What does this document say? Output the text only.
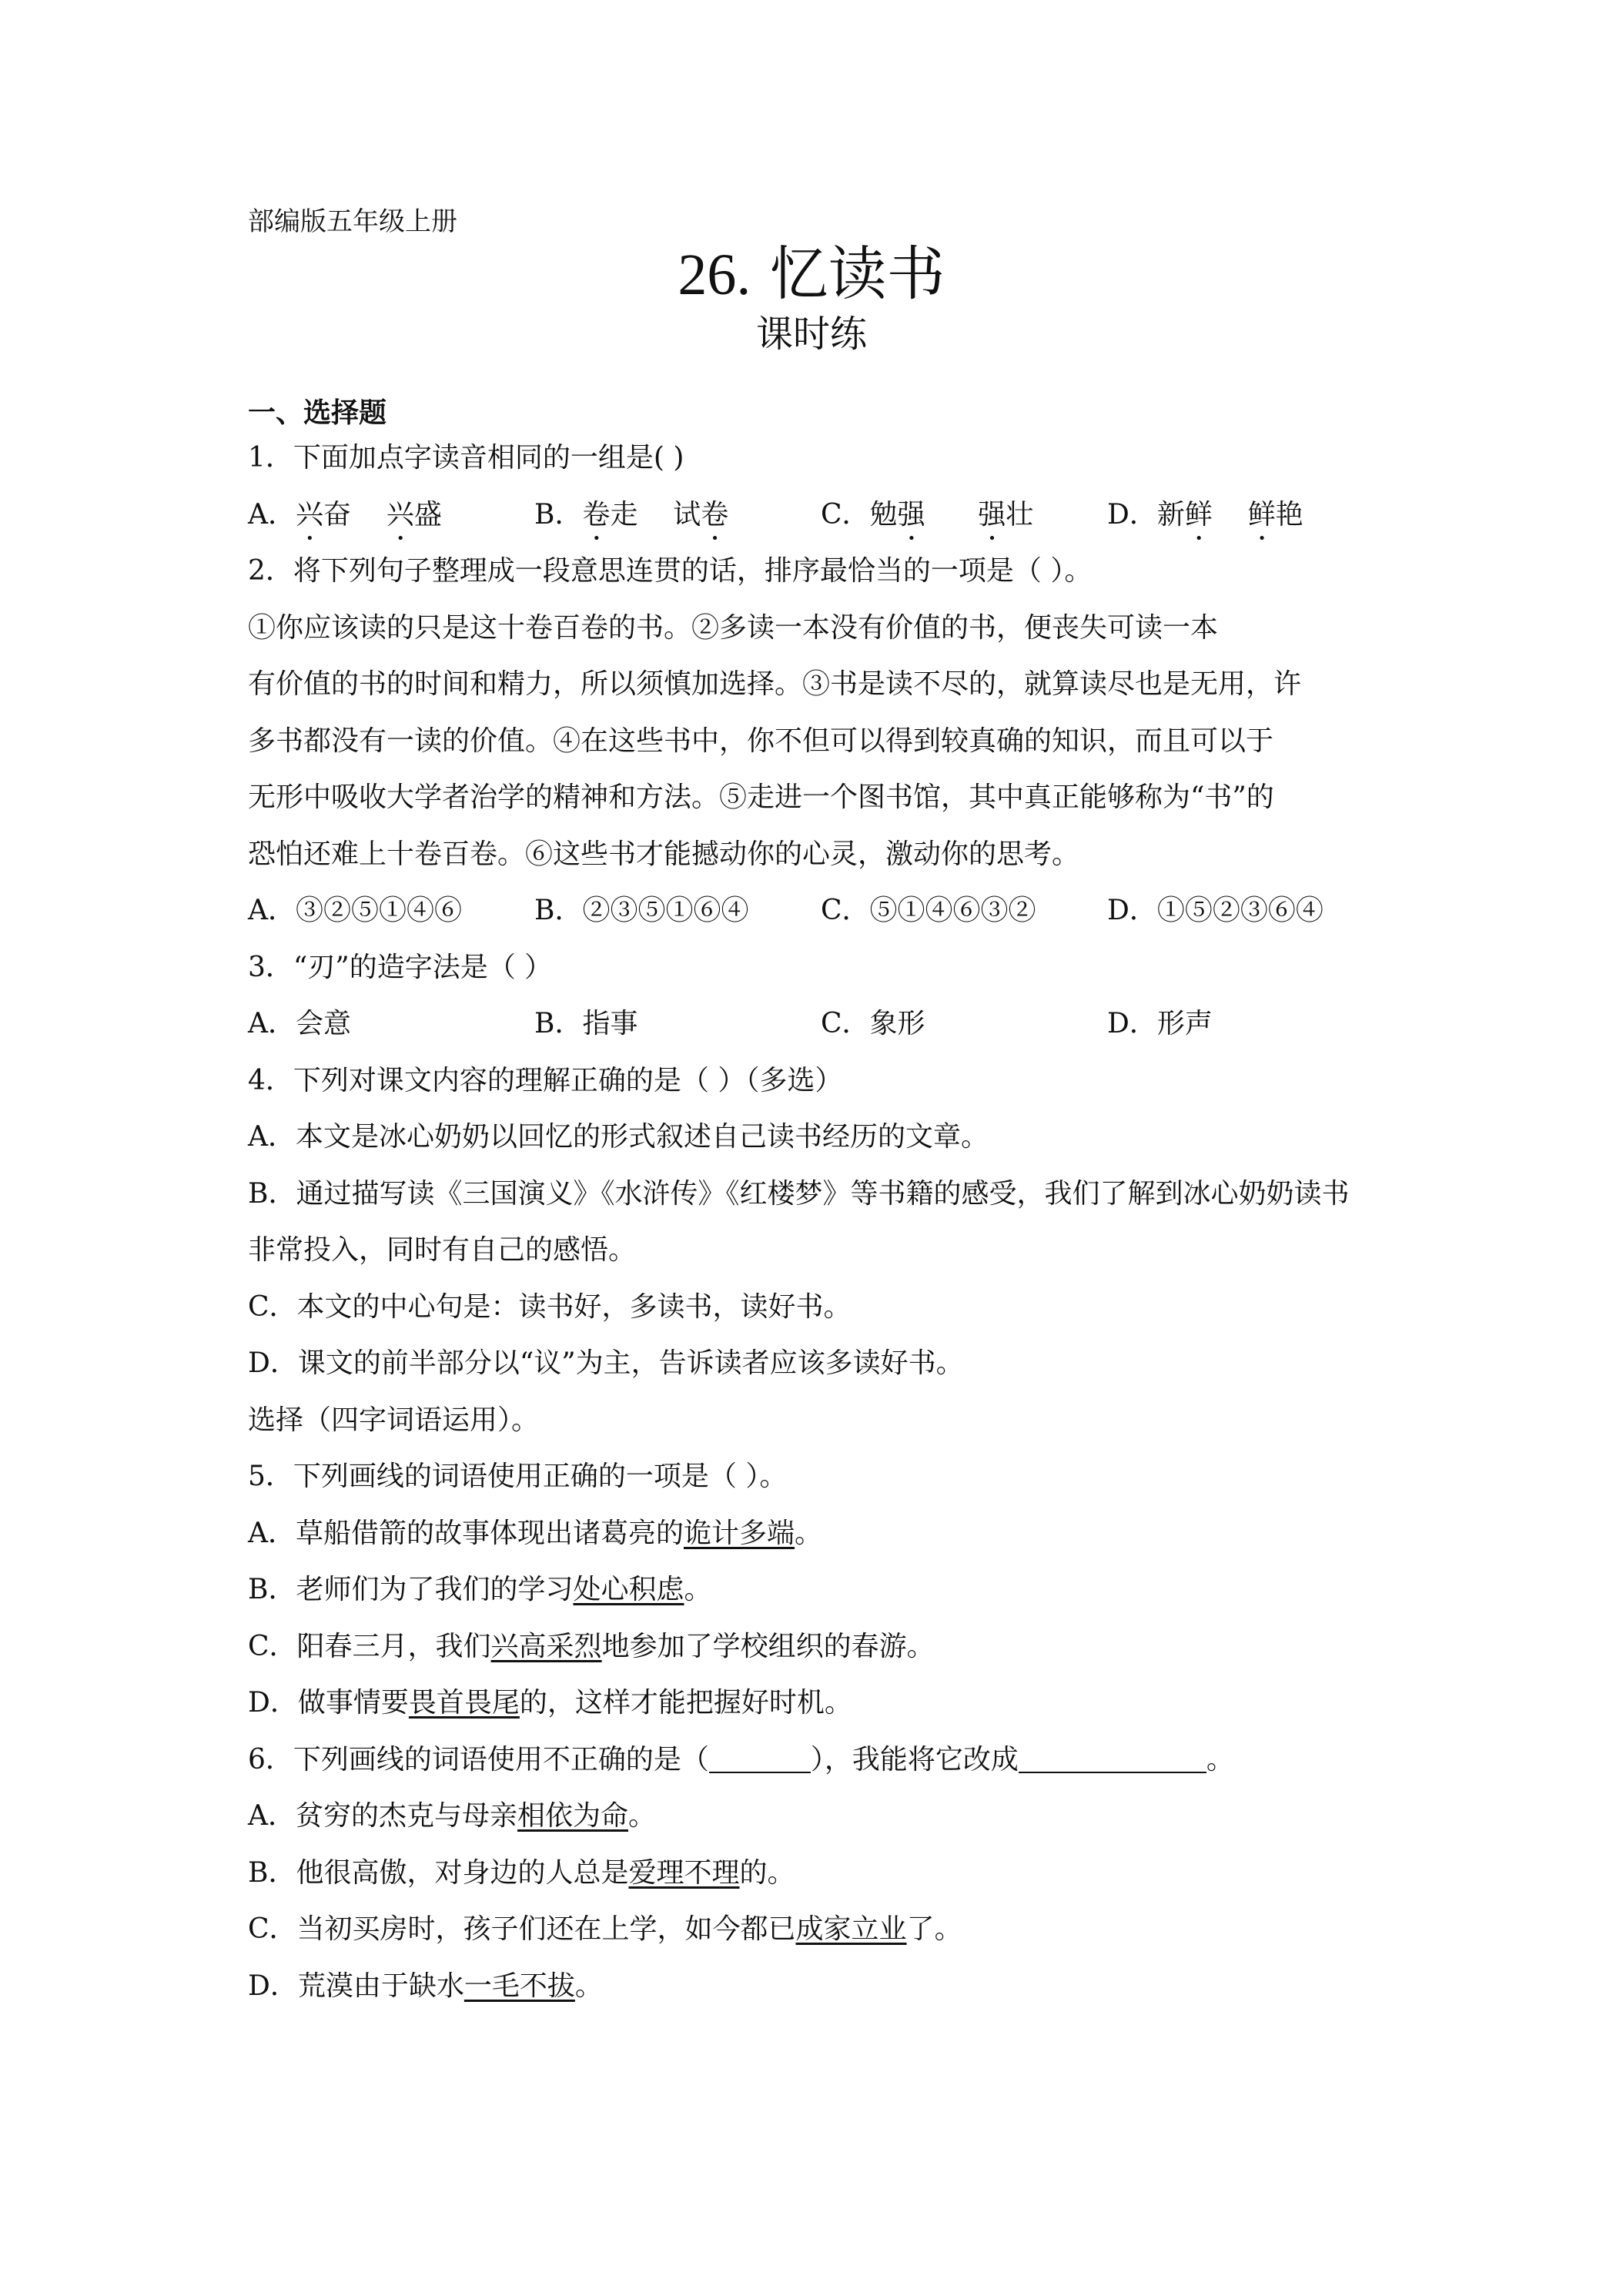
部编版五年级上册
26. 忆读书
课时练
一、选择题
1．下面加点字读音相同的一组是( )
A．兴奋 兴盛	B．卷走 试卷	C．勉强 强壮	D．新鲜 鲜艳
2．将下列句子整理成一段意思连贯的话，排序最恰当的一项是（ ）。
①你应该读的只是这十卷百卷的书。②多读一本没有价值的书，便丧失可读一本
有价值的书的时间和精力，所以须慎加选择。③书是读不尽的，就算读尽也是无用，许
多书都没有一读的价值。④在这些书中，你不但可以得到较真确的知识，而且可以于
无形中吸收大学者治学的精神和方法。⑤走进一个图书馆，其中真正能够称为“书”的
恐怕还难上十卷百卷。⑥这些书才能撼动你的心灵，激动你的思考。
A．③②⑤①④⑥	B．②③⑤①⑥④	C．⑤①④⑥③②	D．①⑤②③⑥④
3．“刃”的造字法是（ ）
A．会意	B．指事	C．象形	D．形声
4．下列对课文内容的理解正确的是（ ）（多选）
A．本文是冰心奶奶以回忆的形式叙述自己读书经历的文章。
B．通过描写读《三国演义》《水浒传》《红楼梦》等书籍的感受，我们了解到冰心奶奶读书
非常投入，同时有自己的感悟。
C．本文的中心句是：读书好，多读书，读好书。
D．课文的前半部分以“议”为主，告诉读者应该多读好书。
选择（四字词语运用）。
5．下列画线的词语使用正确的一项是（ ）。
A．草船借箭的故事体现出诸葛亮的诡计多端。
B．老师们为了我们的学习处心积虑。
C．阳春三月，我们兴高采烈地参加了学校组织的春游。
D．做事情要畏首畏尾的，这样才能把握好时机。
6．下列画线的词语使用不正确的是（	），我能将它改成	。
A．贫穷的杰克与母亲相依为命。
B．他很高傲，对身边的人总是爱理不理的。
C．当初买房时，孩子们还在上学，如今都已成家立业了。
D．荒漠由于缺水一毛不拔。
